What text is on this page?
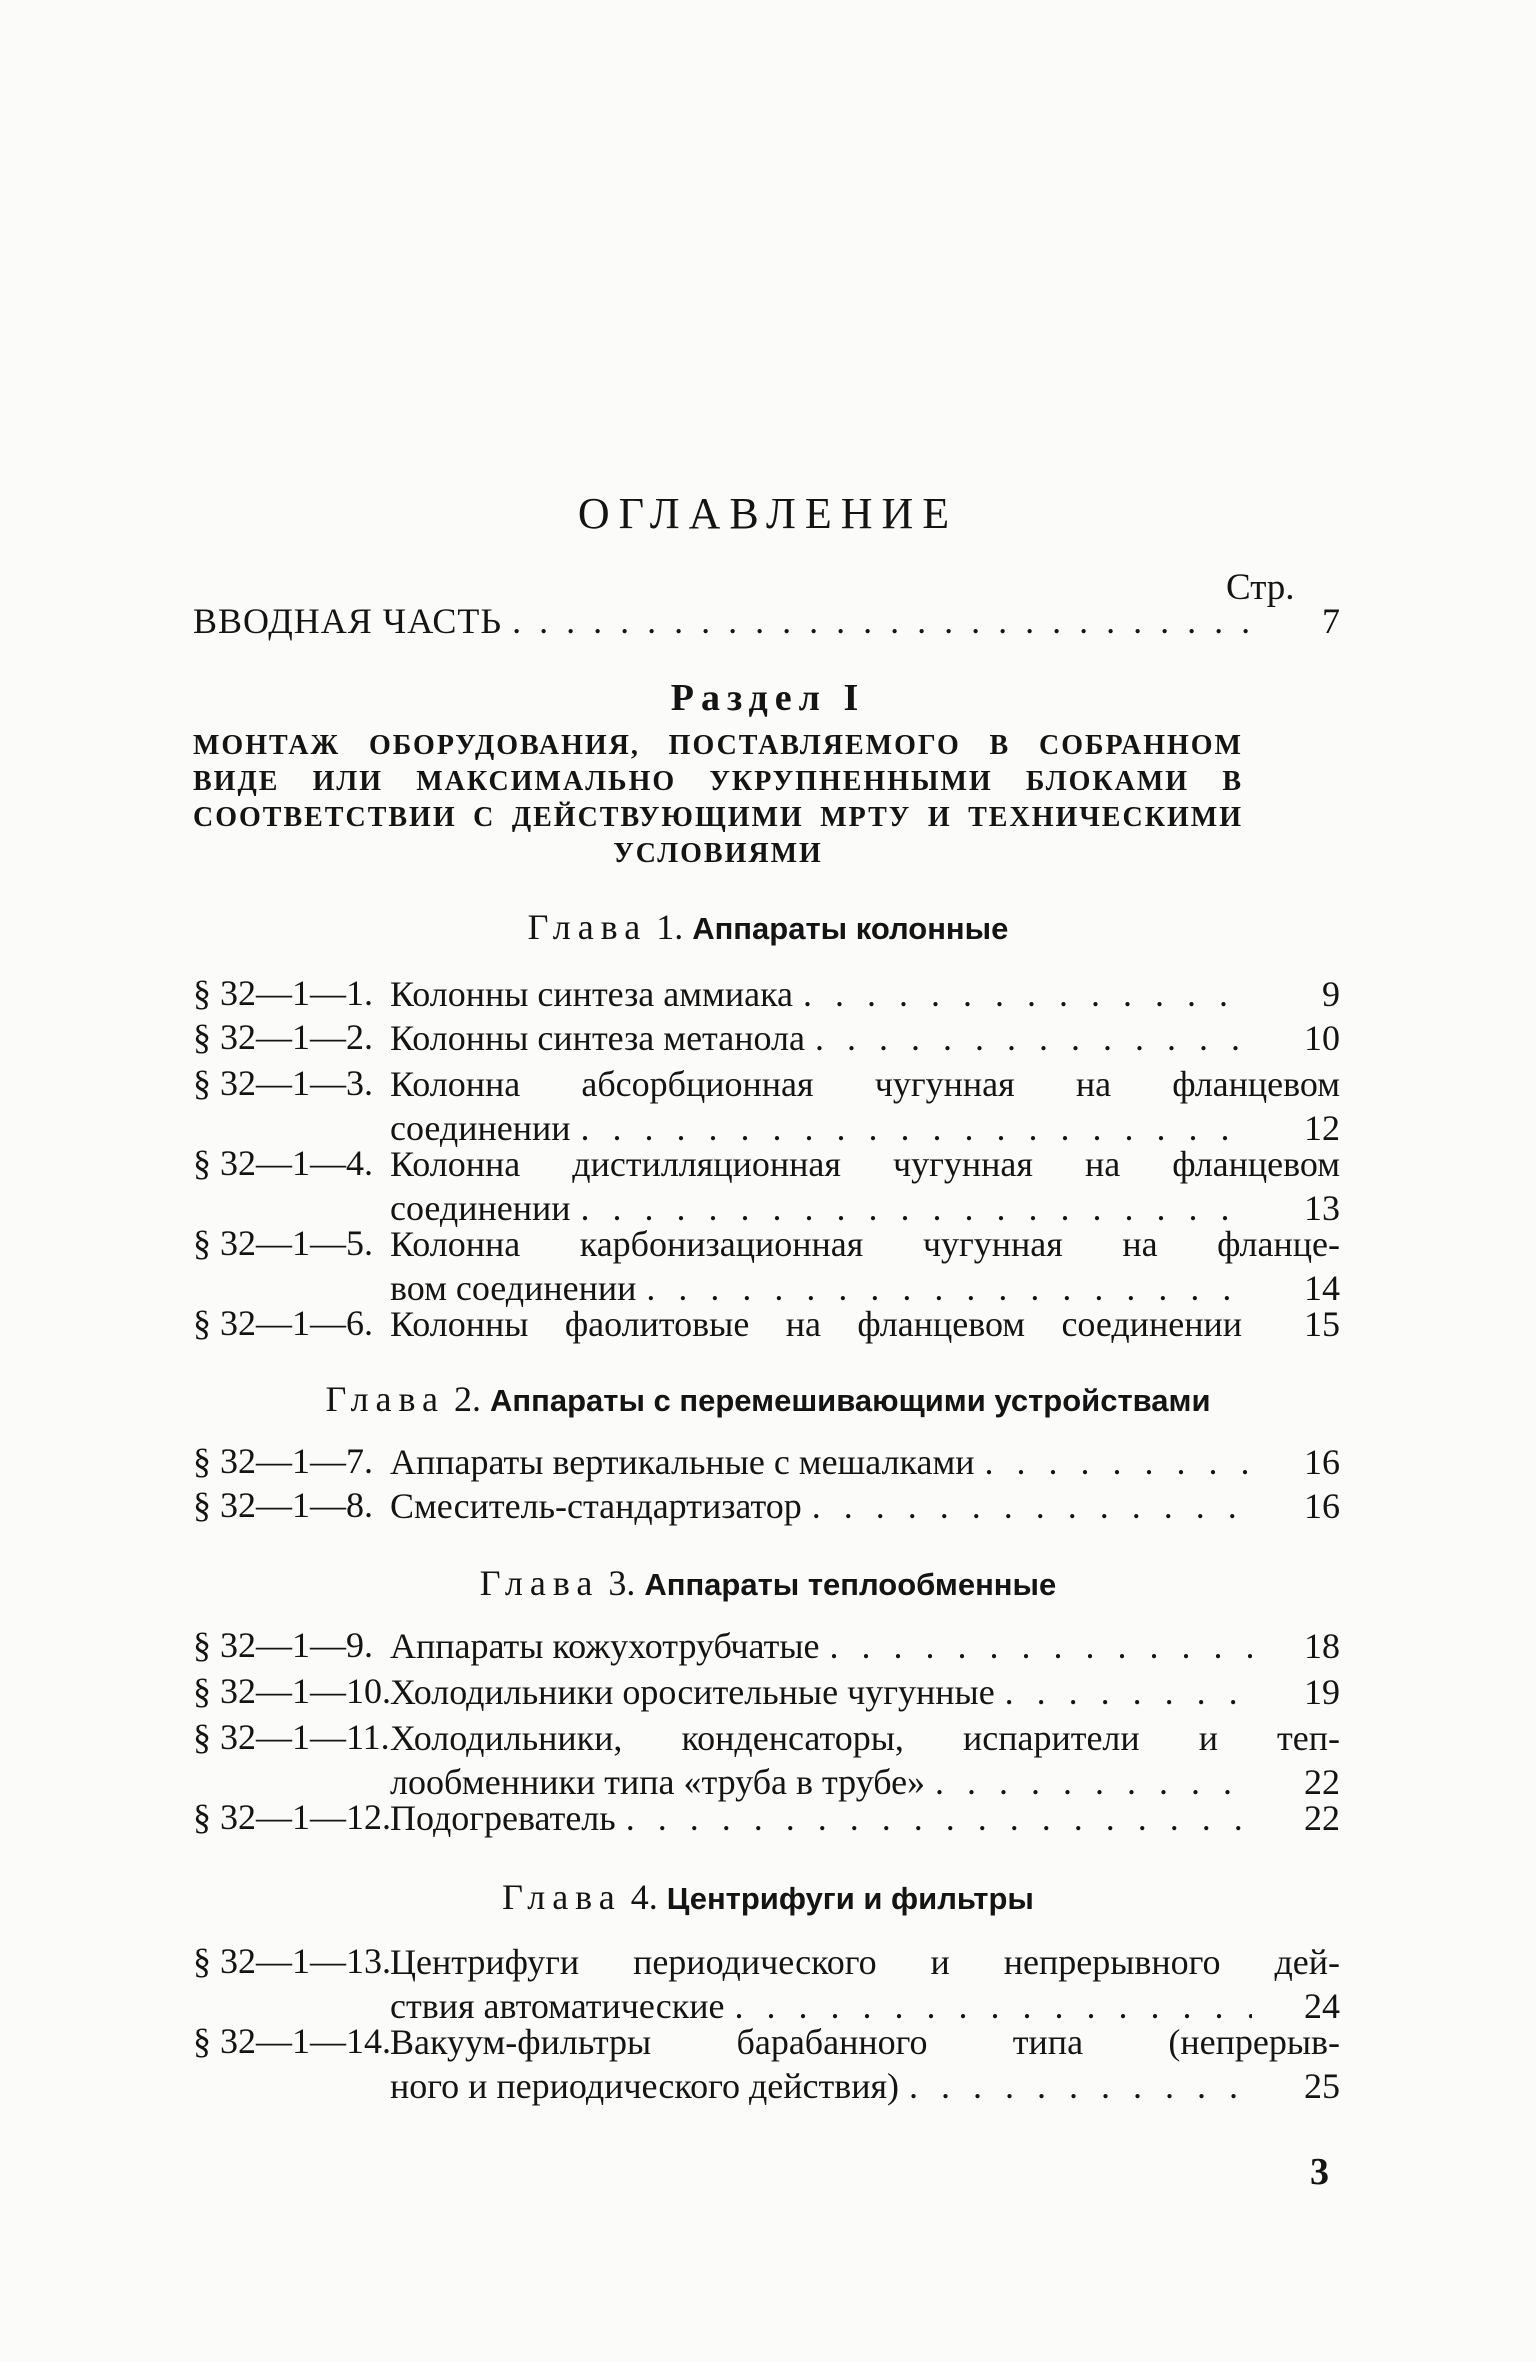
ОГЛАВЛЕНИЕ
Стр.
ВВОДНАЯ ЧАСТЬ . . .	7
Раздел I
МОНТАЖ ОБОРУДОВАНИЯ, ПОСТАВЛЯЕМОГО В СОБРАННОМ ВИДЕ ИЛИ МАКСИМАЛЬНО УКРУПНЕННЫМИ БЛОКАМИ В СООТВЕТСТВИИ С ДЕЙСТВУЮЩИМИ МРТУ И ТЕХНИЧЕСКИМИ УСЛОВИЯМИ
Глава 1. Аппараты колонные
§ 32—1—1. Колонны синтеза аммиака . . .	9
§ 32—1—2. Колонны синтеза метанола . . .	10
§ 32—1—3. Колонна абсорбционная чугунная на фланцевом
соединении . . .	12
§ 32—1—4. Колонна дистилляционная чугунная на фланцевом
соединении . . .	13
§ 32—1—5. Колонна карбонизационная чугунная на фланце-
вом соединении . . .	14
§ 32—1—6. Колонны фаолитовые на фланцевом соединении	15
Глава 2. Аппараты с перемешивающими устройствами
§ 32—1—7. Аппараты вертикальные с мешалками . . .	16
§ 32—1—8. Смеситель-стандартизатор . . .	16
Глава 3. Аппараты теплообменные
§ 32—1—9. Аппараты кожухотрубчатые . . .	18
§ 32—1—10. Холодильники оросительные чугунные . . .	19
§ 32—1—11. Холодильники, конденсаторы, испарители и теп-
лообменники типа «труба в трубе» . . .	22
§ 32—1—12. Подогреватель . . .	22
Глава 4. Центрифуги и фильтры
§ 32—1—13. Центрифуги периодического и непрерывного дей-
ствия автоматические . . .	24
§ 32—1—14. Вакуум-фильтры барабанного типа (непрерыв-
ного и периодического действия) . . .	25
3
